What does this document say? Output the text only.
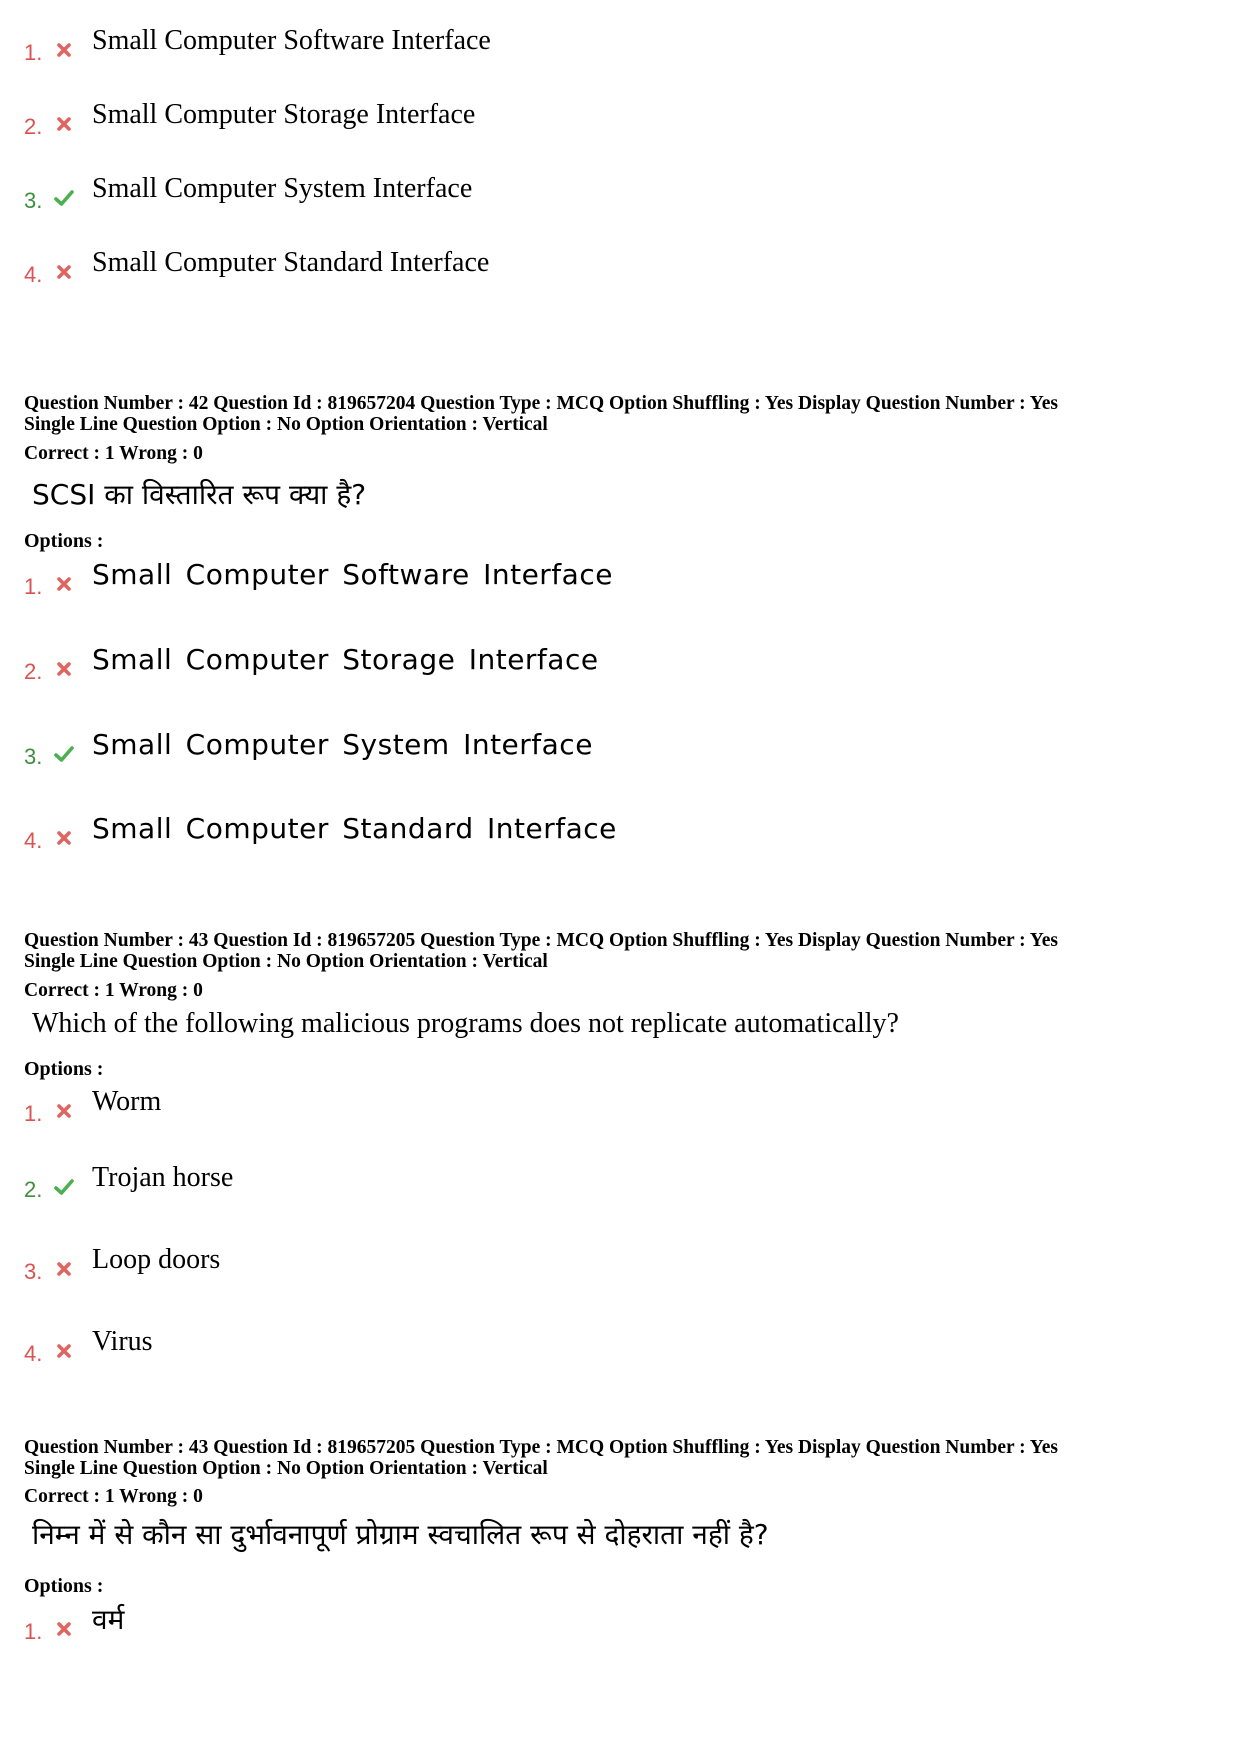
1. Small Computer Software Interface
2. Small Computer Storage Interface
3. Small Computer System Interface
4. Small Computer Standard Interface
Question Number : 42 Question Id : 819657204 Question Type : MCQ Option Shuffling : Yes Display Question Number : Yes
Single Line Question Option : No Option Orientation : Vertical
Correct : 1 Wrong : 0
SCSI का विस्तारित रूप क्या है?
Options :
1. Small Computer Software Interface
2. Small Computer Storage Interface
3. Small Computer System Interface
4. Small Computer Standard Interface
Question Number : 43 Question Id : 819657205 Question Type : MCQ Option Shuffling : Yes Display Question Number : Yes
Single Line Question Option : No Option Orientation : Vertical
Correct : 1 Wrong : 0
Which of the following malicious programs does not replicate automatically?
Options :
1. Worm
2. Trojan horse
3. Loop doors
4. Virus
Question Number : 43 Question Id : 819657205 Question Type : MCQ Option Shuffling : Yes Display Question Number : Yes
Single Line Question Option : No Option Orientation : Vertical
Correct : 1 Wrong : 0
निम्न में से कौन सा दुर्भावनापूर्ण प्रोग्राम स्वचालित रूप से दोहराता नहीं है?
Options :
1. वर्म
